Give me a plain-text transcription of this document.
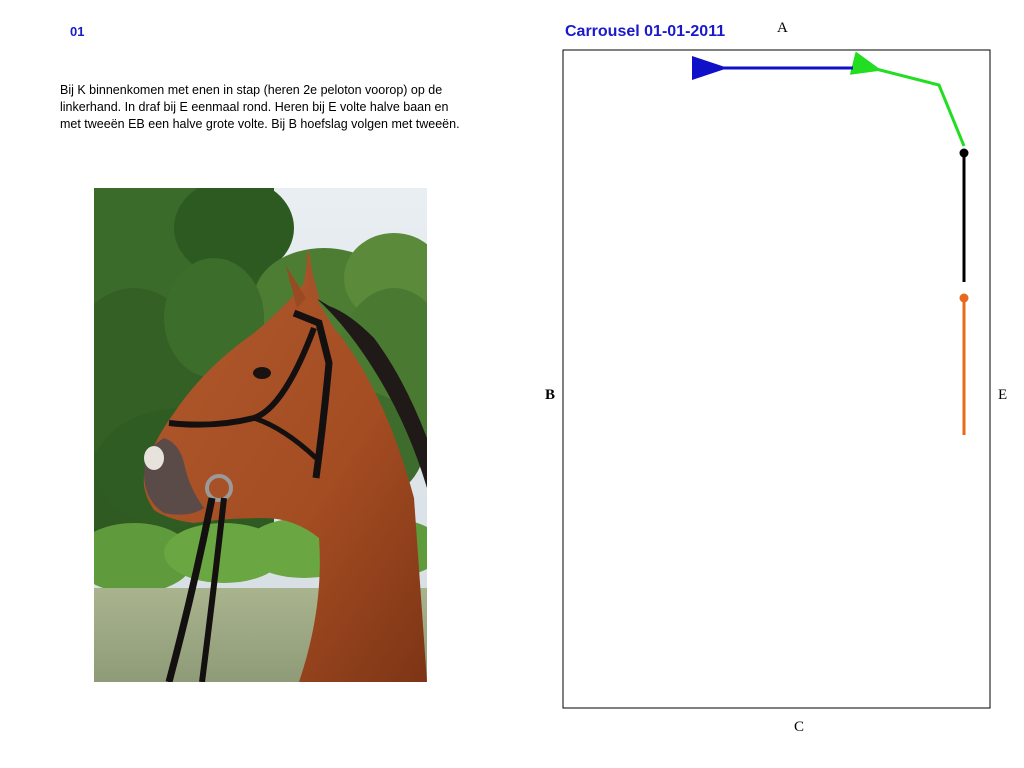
01	Carrousel 01-01-2011
Bij K binnenkomen met enen in stap (heren 2e peloton voorop) op de
linkerhand. In draf bij E eenmaal rond. Heren bij E volte halve baan en
met tweeën EB een halve grote volte. Bij B hoefslag volgen met tweeën.
A
B	E
C
